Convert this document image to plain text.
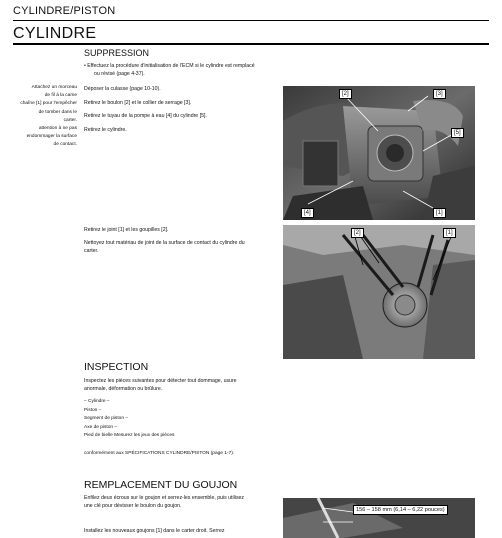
CYLINDRE/PISTON
CYLINDRE
Attachez un morceau
de fil à la came
chaîne [1] pour l'empêcher
de tomber dans le
carter.
attention à ne pas
endommager la surface
de contact.
SUPPRESSION
• Effectuez la procédure d'initialisation de l'ECM si le cylindre est remplacé
ou révisé (page 4-37).
Déposer la culasse (page 10-10).
Retirez le boulon [2] et le collier de serrage [3].
Retirez le tuyau de la pompe à eau [4] du cylindre [5].
Retirez le cylindre.
[2]	[3]
[5]
[4]	[1]
Retirez le joint [1] et les goupilles [2].
Nettoyez tout matériau de joint de la surface de contact du cylindre du
carter.
[2]	[1]
INSPECTION
Inspectez les pièces suivantes pour détecter tout dommage, usure
anormale, déformation ou brûlure.
– Cylindre –
Piston –
Segment de piston –
Axe de piston –
Pied de bielle Mesurez les jeux des pièces
conformément aux SPÉCIFICATIONS CYLINDRE/PISTON (page 1-7).
REMPLACEMENT DU GOUJON
Enfilez deux écrous sur le goujon et serrez-les ensemble, puis utilisez
une clé pour dévisser le boulon du goujon.
Installez les nouveaux goujons [1] dans le carter droit. Serrez
156 – 158 mm (6,14 – 6,22 pouces)
